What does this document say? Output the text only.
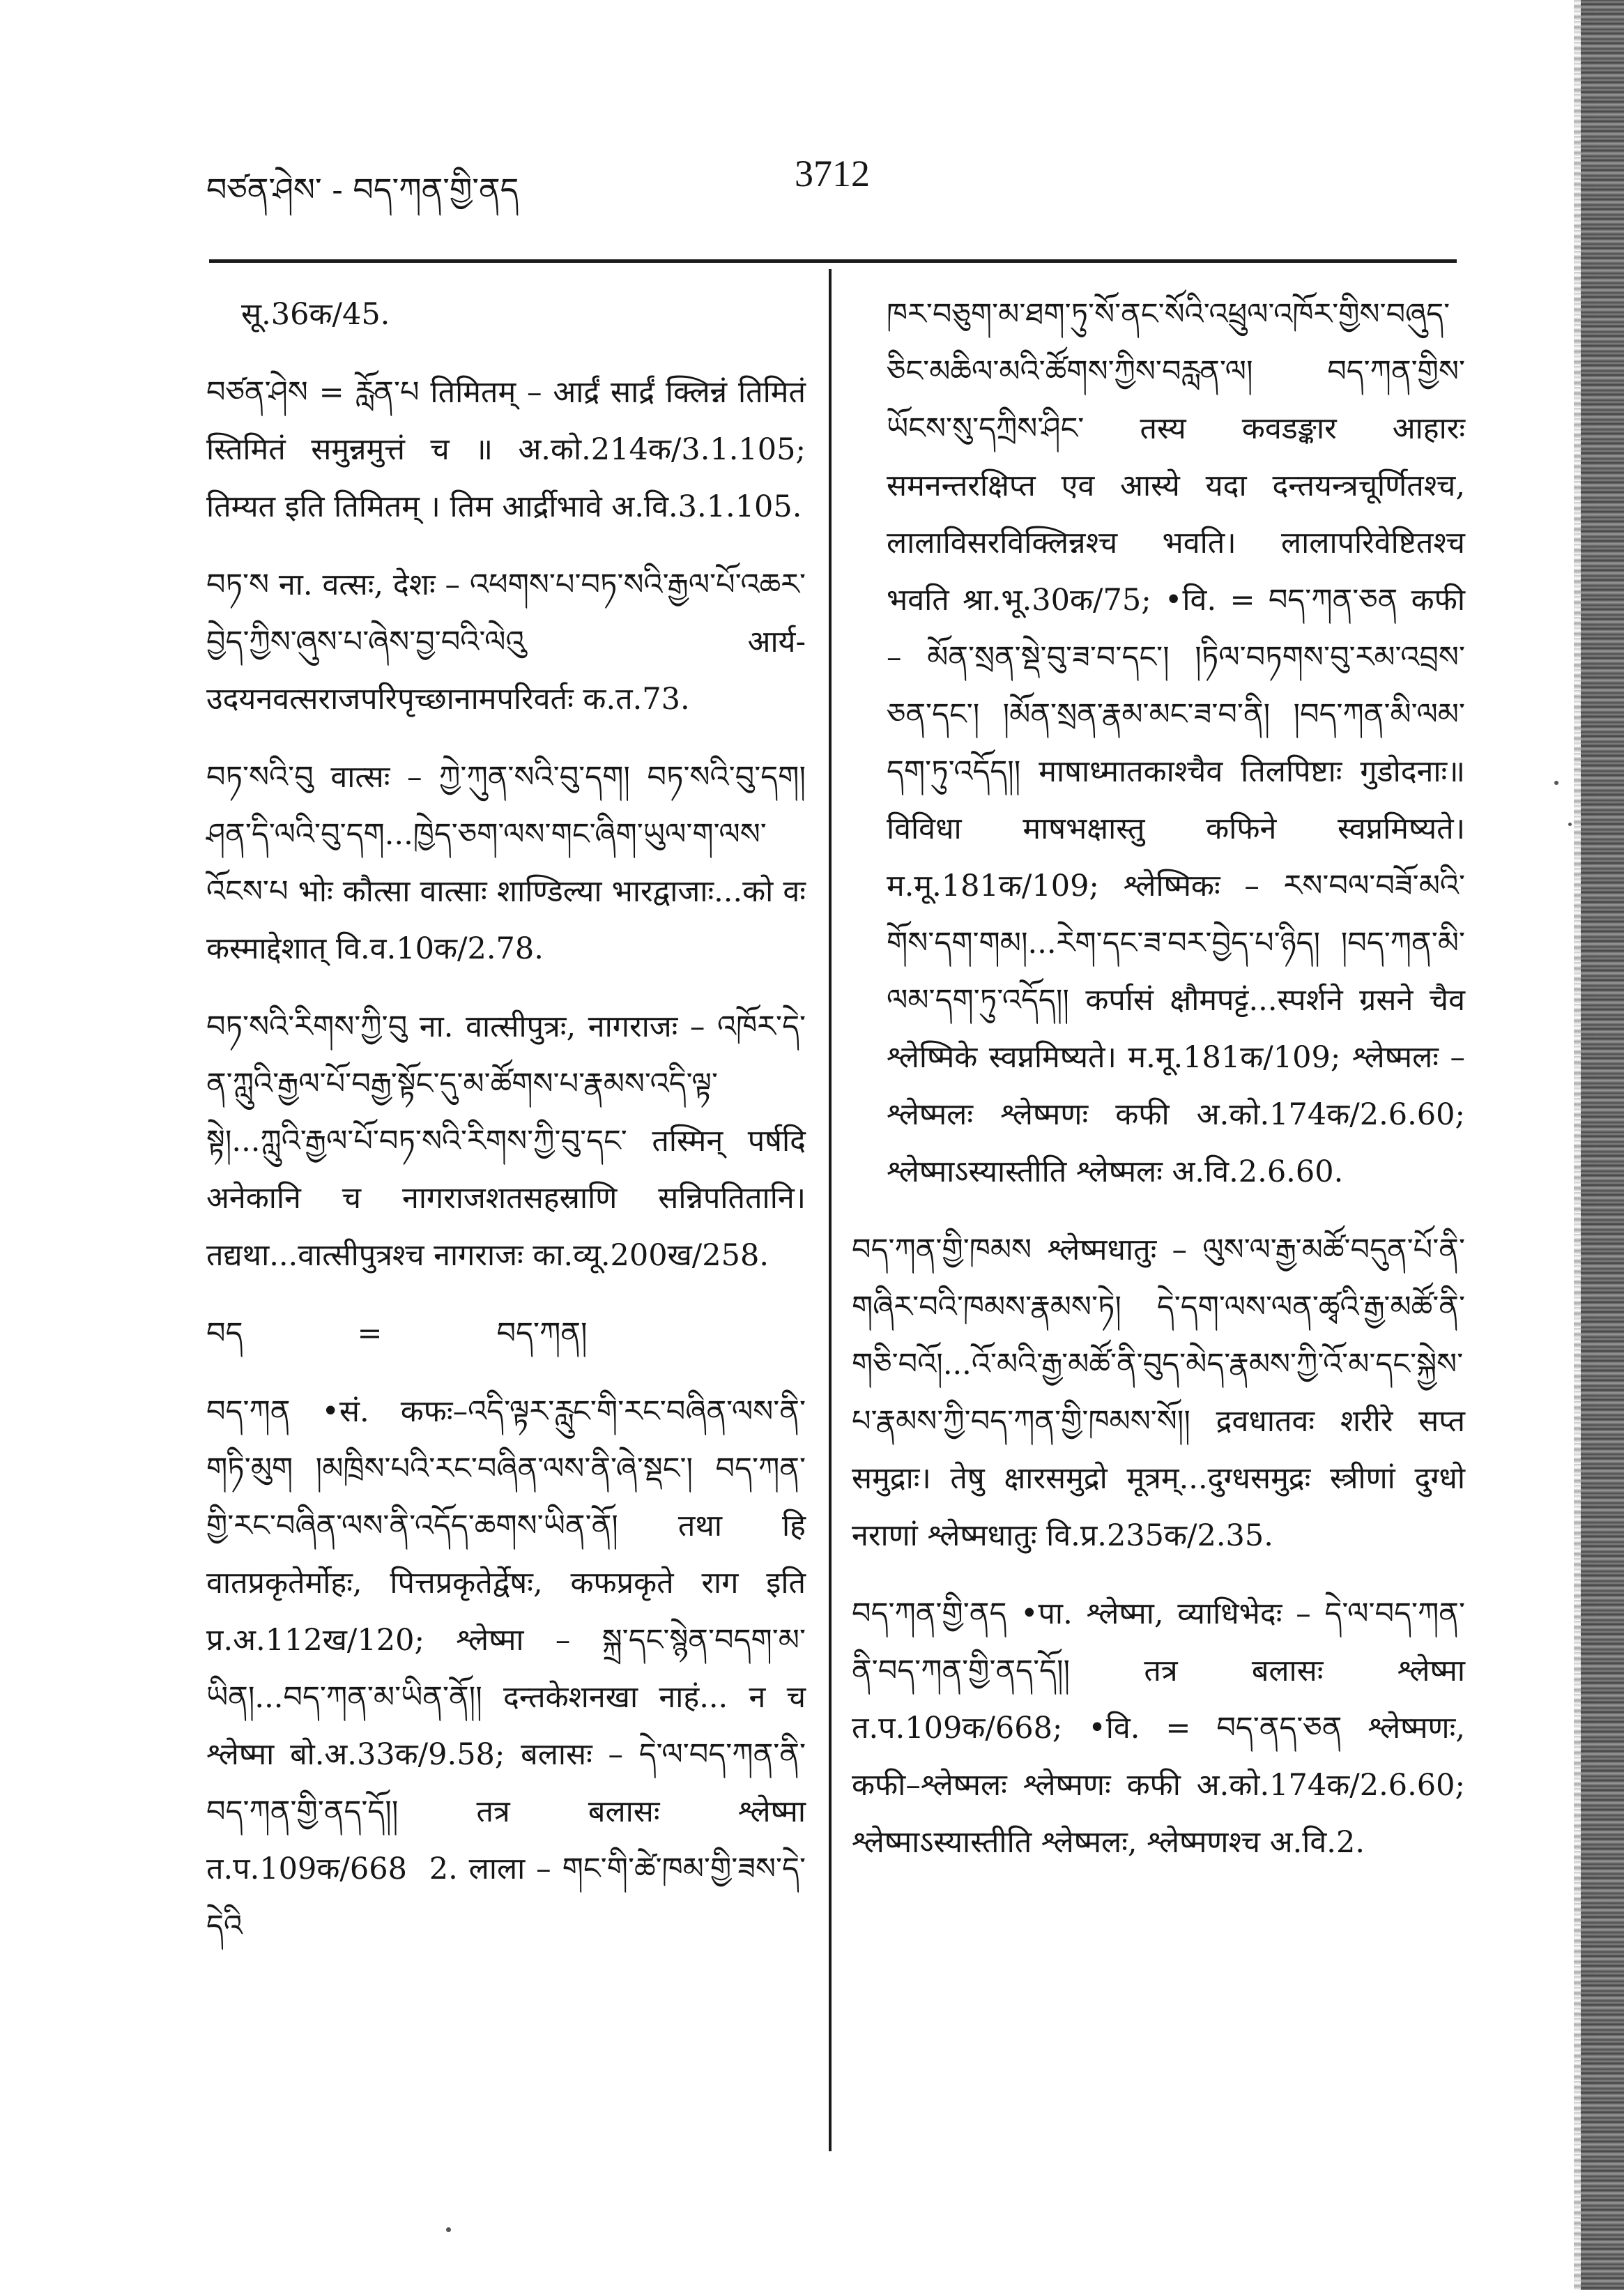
བཙན་ཤེས་ - བད་ཀན་གྱི་ནད	3712
सू.36क/45.
བཙན་ཤེས = རློན་པ तिमितम् – आर्द्रं सार्द्रं क्लिन्नं तिमितं स्तिमितं समुन्नमुत्तं च ॥ अ.को.214क/3.1.105; तिम्यत इति तिमितम् । तिम आर्द्रीभावे अ.वि.3.1.105.
བཏ་ས ना. वत्सः, देशः – འཕགས་པ་བཏ་སའི་རྒྱལ་པོ་འཆར་བྱེད་ཀྱིས་ཞུས་པ་ཞེས་བྱ་བའི་ལེའུ आर्य-उदयनवत्सराजपरिपृच्छानामपरिवर्तः क.त.73.
བཏ་སའི་བུ वात्सः – ཀྱེ་ཀུན་སའི་བུ་དག། བཏ་སའི་བུ་དག། ཤན་དི་ལའི་བུ་དག...ཁྱེད་ཅག་ལས་གང་ཞིག་ཡུལ་ག་ལས་འོངས་པ भोः कौत्सा वात्साः शाण्डिल्या भारद्वाजाः...को वः कस्माद्देशात् वि.व.10क/2.78.
བཏ་སའི་རིགས་ཀྱི་བུ ना. वात्सीपुत्रः, नागराजः – འཁོར་དེ་ན་ཀླུའི་རྒྱལ་པོ་བརྒྱ་སྟོང་དུ་མ་ཚོགས་པ་རྣམས་འདི་ལྟ་སྟེ།...ཀླུའི་རྒྱལ་པོ་བཏ་སའི་རིགས་ཀྱི་བུ་དང་ तस्मिन् पर्षदि अनेकानि च नागराजशतसहस्राणि सन्निपतितानि। तद्यथा...वात्सीपुत्रश्च नागराजः का.व्यू.200ख/258.
བད            =            བད་ཀན།
བད་ཀན •सं. कफः–འདི་ལྟར་རླུང་གི་རང་བཞིན་ལས་ནི་གཏི་མུག །མཁྲིས་པའི་རང་བཞིན་ལས་ནི་ཞེ་སྡང་། བད་ཀན་གྱི་རང་བཞིན་ལས་ནི་འདོད་ཆགས་ཡིན་ནོ། तथा हि वातप्रकृतेर्मोहः, पित्तप्रकृतेर्द्वेषः, कफप्रकृते राग इति प्र.अ.112ख/120; श्लेष्मा – སྐྲ་དང་སྙེན་བདག་མ་ཡིན།...བད་ཀན་མ་ཡིན་ནོ།། दन्तकेशनखा नाहं... न च श्लेष्मा बो.अ.33क/9.58; बलासः – དེ་ལ་བད་ཀན་ནི་བད་ཀན་གྱི་ནད་དོ།། तत्र बलासः श्लेष्मा त.प.109क/668  2. लाला – གང་གི་ཚེ་ཁམ་གྱི་ཟས་དེ་དེའི
ཁར་བཅུག་མ་ཐག་ཏུ་སོ་ནང་སོའི་འཕྲུལ་འཁོར་གྱིས་བཞུད་ཅིང་མཆིལ་མའི་ཚོགས་ཀྱིས་བརླན་ལ། བད་ཀན་གྱིས་ཡོངས་སུ་དཀྲིས་ཤིང་ तस्य कवडङ्कार आहारः समनन्तरक्षिप्त एव आस्ये यदा दन्तयन्त्रचूर्णितश्च, लालाविसरविक्लिन्नश्च भवति। लालापरिवेष्टितश्च भवति श्रा.भू.30क/75; •वि. = བད་ཀན་ཅན कफी – མོན་སྲན་སྡེ་བུ་ཟ་བ་དང་། །ཏིལ་བཏགས་བུ་རམ་འབྲས་ཅན་དང་། །མོན་སྲན་རྣམ་མང་ཟ་བ་ནི། །བད་ཀན་མི་ལམ་དག་ཏུ་འདོད།། माषाध्मातकाश्चैव तिलपिष्टाः गुडोदनाः॥ विविधा माषभक्षास्तु कफिने स्वप्नमिष्यते। म.मू.181क/109; श्लेष्मिकः – རས་བལ་བཟོ་མའི་གོས་དག་གམ།...རེག་དང་ཟ་བར་བྱེད་པ་ཉིད། །བད་ཀན་མི་ལམ་དག་ཏུ་འདོད།། कर्पासं क्षौमपट्टं...स्पर्शने ग्रसने चैव श्लेष्मिके स्वप्नमिष्यते। म.मू.181क/109; श्लेष्मलः – श्लेष्मलः श्लेष्मणः कफी अ.को.174क/2.6.60; श्लेष्माऽस्यास्तीति श्लेष्मलः अ.वि.2.6.60.
བད་ཀན་གྱི་ཁམས श्लेष्मधातुः – ལུས་ལ་རྒྱ་མཚོ་བདུན་པོ་ནི་གཞིར་བའི་ཁམས་རྣམས་ཏེ། དེ་དག་ལས་ལན་ཚྭའི་རྒྱ་མཚོ་ནི་གཅི་བའོ།...འོ་མའི་རྒྱ་མཚོ་ནི་བུད་མེད་རྣམས་ཀྱི་འོ་མ་དང་སྐྱེས་པ་རྣམས་ཀྱི་བད་ཀན་གྱི་ཁམས་སོ།། द्रवधातवः शरीरे सप्त समुद्राः। तेषु क्षारसमुद्रो मूत्रम्...दुग्धसमुद्रः स्त्रीणां दुग्धो नराणां श्लेष्मधातुः वि.प्र.235क/2.35.
བད་ཀན་གྱི་ནད •पा. श्लेष्मा, व्याधिभेदः – དེ་ལ་བད་ཀན་ནི་བད་ཀན་གྱི་ནད་དོ།། तत्र बलासः श्लेष्मा त.प.109क/668; •वि. = བད་ནད་ཅན श्लेष्मणः, कफी–श्लेष्मलः श्लेष्मणः कफी अ.को.174क/2.6.60; श्लेष्माऽस्यास्तीति श्लेष्मलः, श्लेष्मणश्च अ.वि.2.
